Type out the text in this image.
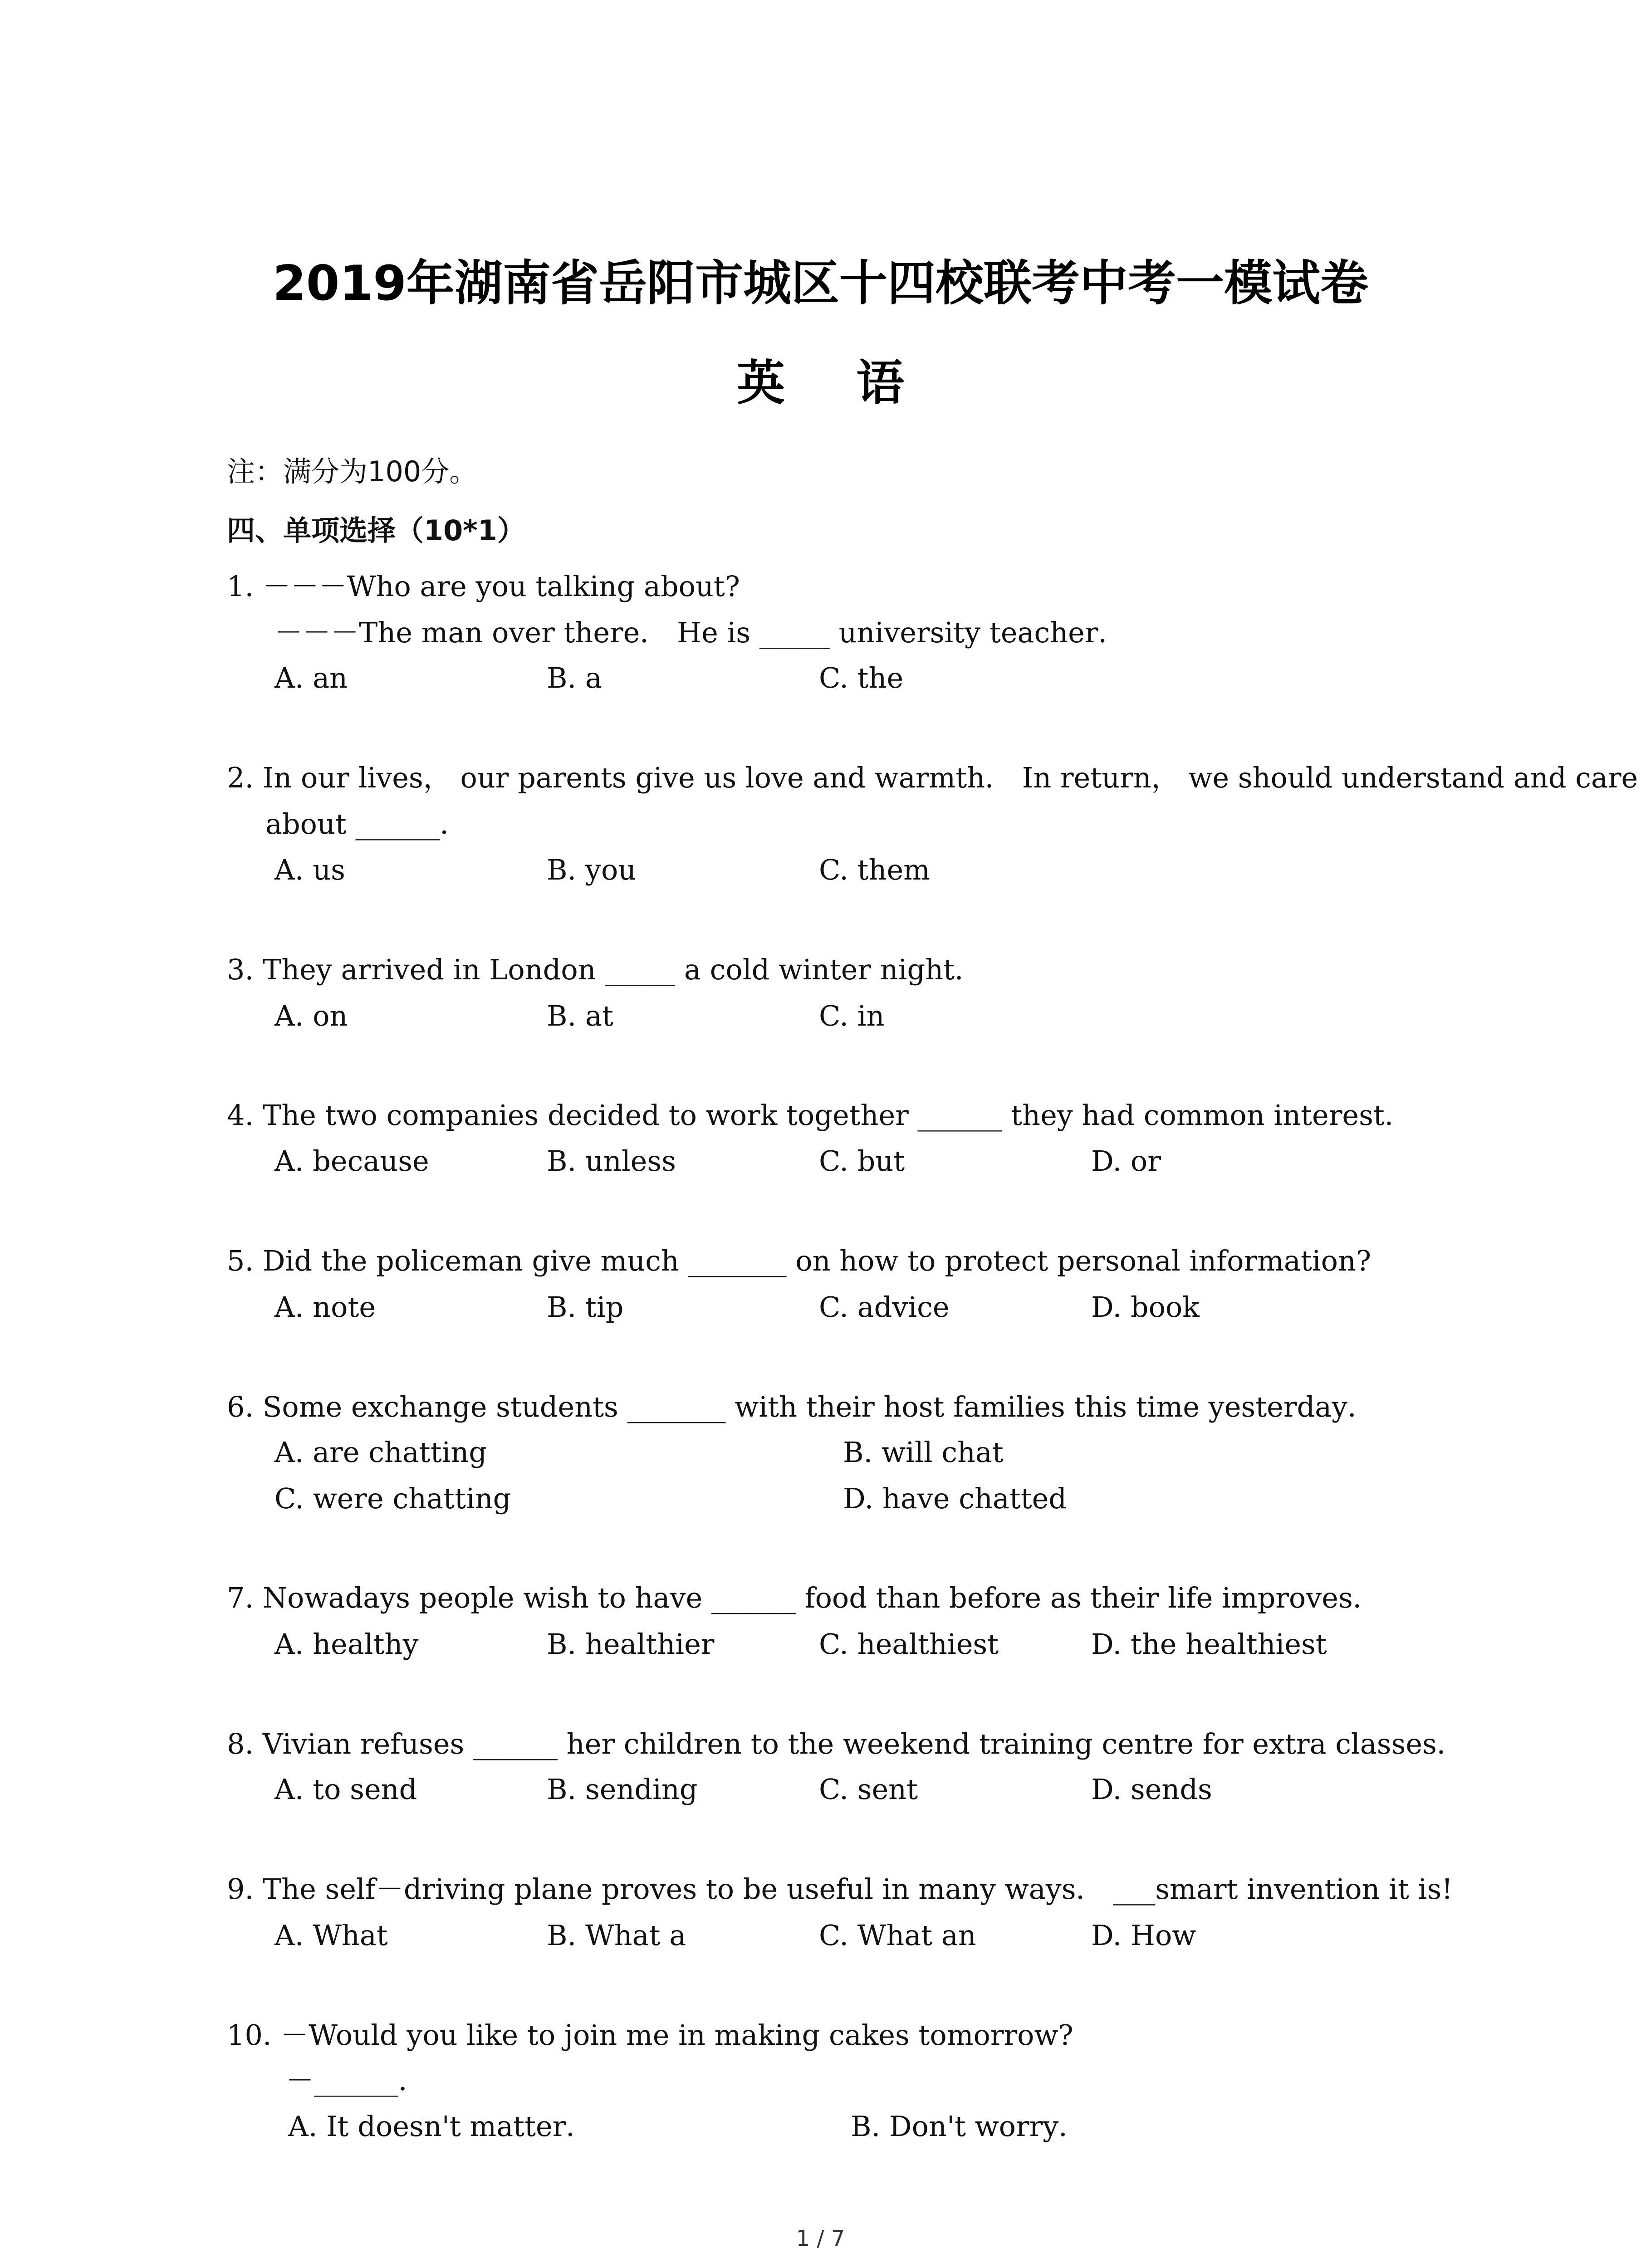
2019年湖南省岳阳市城区十四校联考中考一模试卷
英 语
注：满分为100分。
四、单项选择（10*1）
1. －－－Who are you talking about?
－－－The man over there． He is _____ university teacher．
A. an	B. a	C. the
2. In our lives， our parents give us love and warmth． In return， we should understand and care
about ______．
A. us	B. you	C. them
3. They arrived in London _____ a cold winter night．
A. on	B. at	C. in
4. The two companies decided to work together ______ they had common interest．
A. because	B. unless	C. but	D. or
5. Did the policeman give much _______ on how to protect personal information?
A. note	B. tip	C. advice	D. book
6. Some exchange students _______ with their host families this time yesterday．
A. are chatting	B. will chat
C. were chatting	D. have chatted
7. Nowadays people wish to have ______ food than before as their life improves．
A. healthy	B. healthier	C. healthiest	D. the healthiest
8. Vivian refuses ______ her children to the weekend training centre for extra classes．
A. to send	B. sending	C. sent	D. sends
9. The self－driving plane proves to be useful in many ways． ___smart invention it is!
A. What	B. What a	C. What an	D. How
10. －Would you like to join me in making cakes tomorrow?
－______．
A. It doesn't matter．	B. Don't worry．
1 / 7
